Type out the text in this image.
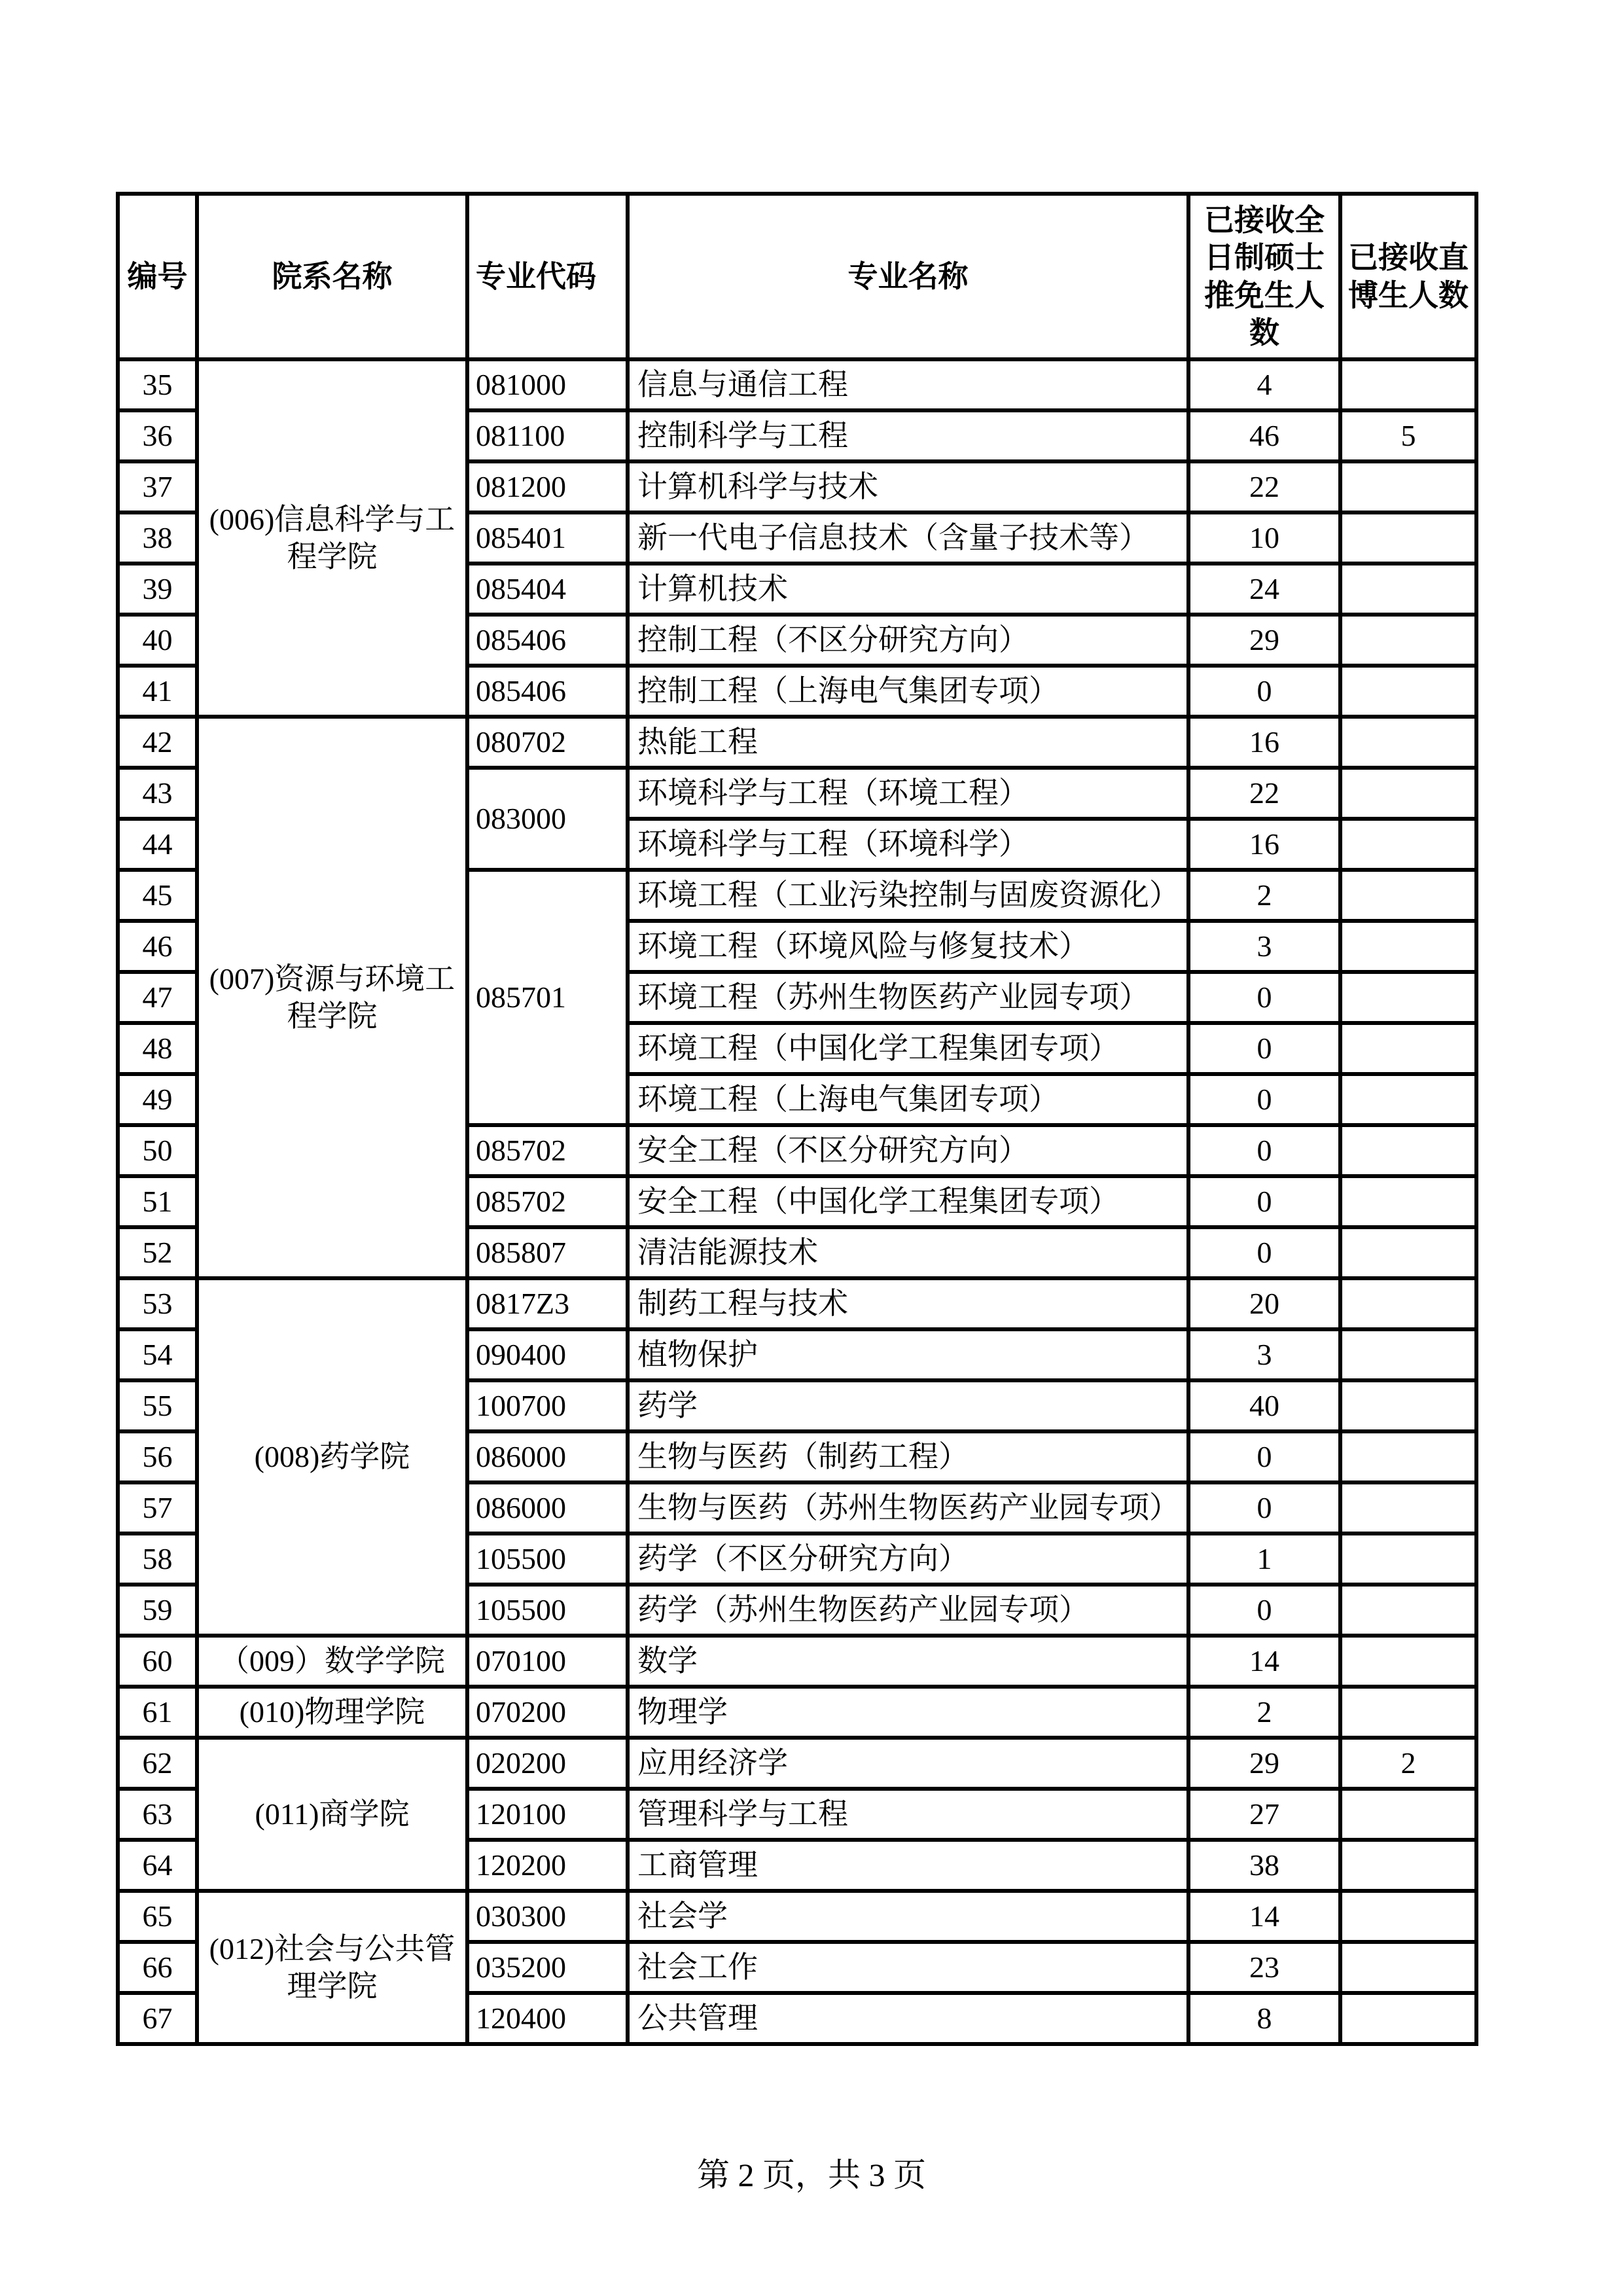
编号	院系名称	专业代码	专业名称	已接收全日制硕士推免生人数	已接收直博生人数
35	(006)信息科学与工程学院	081000	信息与通信工程	4	
36		081100	控制科学与工程	46	5
37		081200	计算机科学与技术	22	
38		085401	新一代电子信息技术（含量子技术等）	10	
39		085404	计算机技术	24	
40		085406	控制工程（不区分研究方向）	29	
41		085406	控制工程（上海电气集团专项）	0	
42	(007)资源与环境工程学院	080702	热能工程	16	
43		083000	环境科学与工程（环境工程）	22	
44			环境科学与工程（环境科学）	16	
45		085701	环境工程（工业污染控制与固废资源化）	2	
46			环境工程（环境风险与修复技术）	3	
47			环境工程（苏州生物医药产业园专项）	0	
48			环境工程（中国化学工程集团专项）	0	
49			环境工程（上海电气集团专项）	0	
50		085702	安全工程（不区分研究方向）	0	
51		085702	安全工程（中国化学工程集团专项）	0	
52		085807	清洁能源技术	0	
53	(008)药学院	0817Z3	制药工程与技术	20	
54		090400	植物保护	3	
55		100700	药学	40	
56		086000	生物与医药（制药工程）	0	
57		086000	生物与医药（苏州生物医药产业园专项）	0	
58		105500	药学（不区分研究方向）	1	
59		105500	药学（苏州生物医药产业园专项）	0	
60	（009）数学学院	070100	数学	14	
61	(010)物理学院	070200	物理学	2	
62	(011)商学院	020200	应用经济学	29	2
63		120100	管理科学与工程	27	
64		120200	工商管理	38	
65	(012)社会与公共管理学院	030300	社会学	14	
66		035200	社会工作	23	
67		120400	公共管理	8	
第 2 页，共 3 页
